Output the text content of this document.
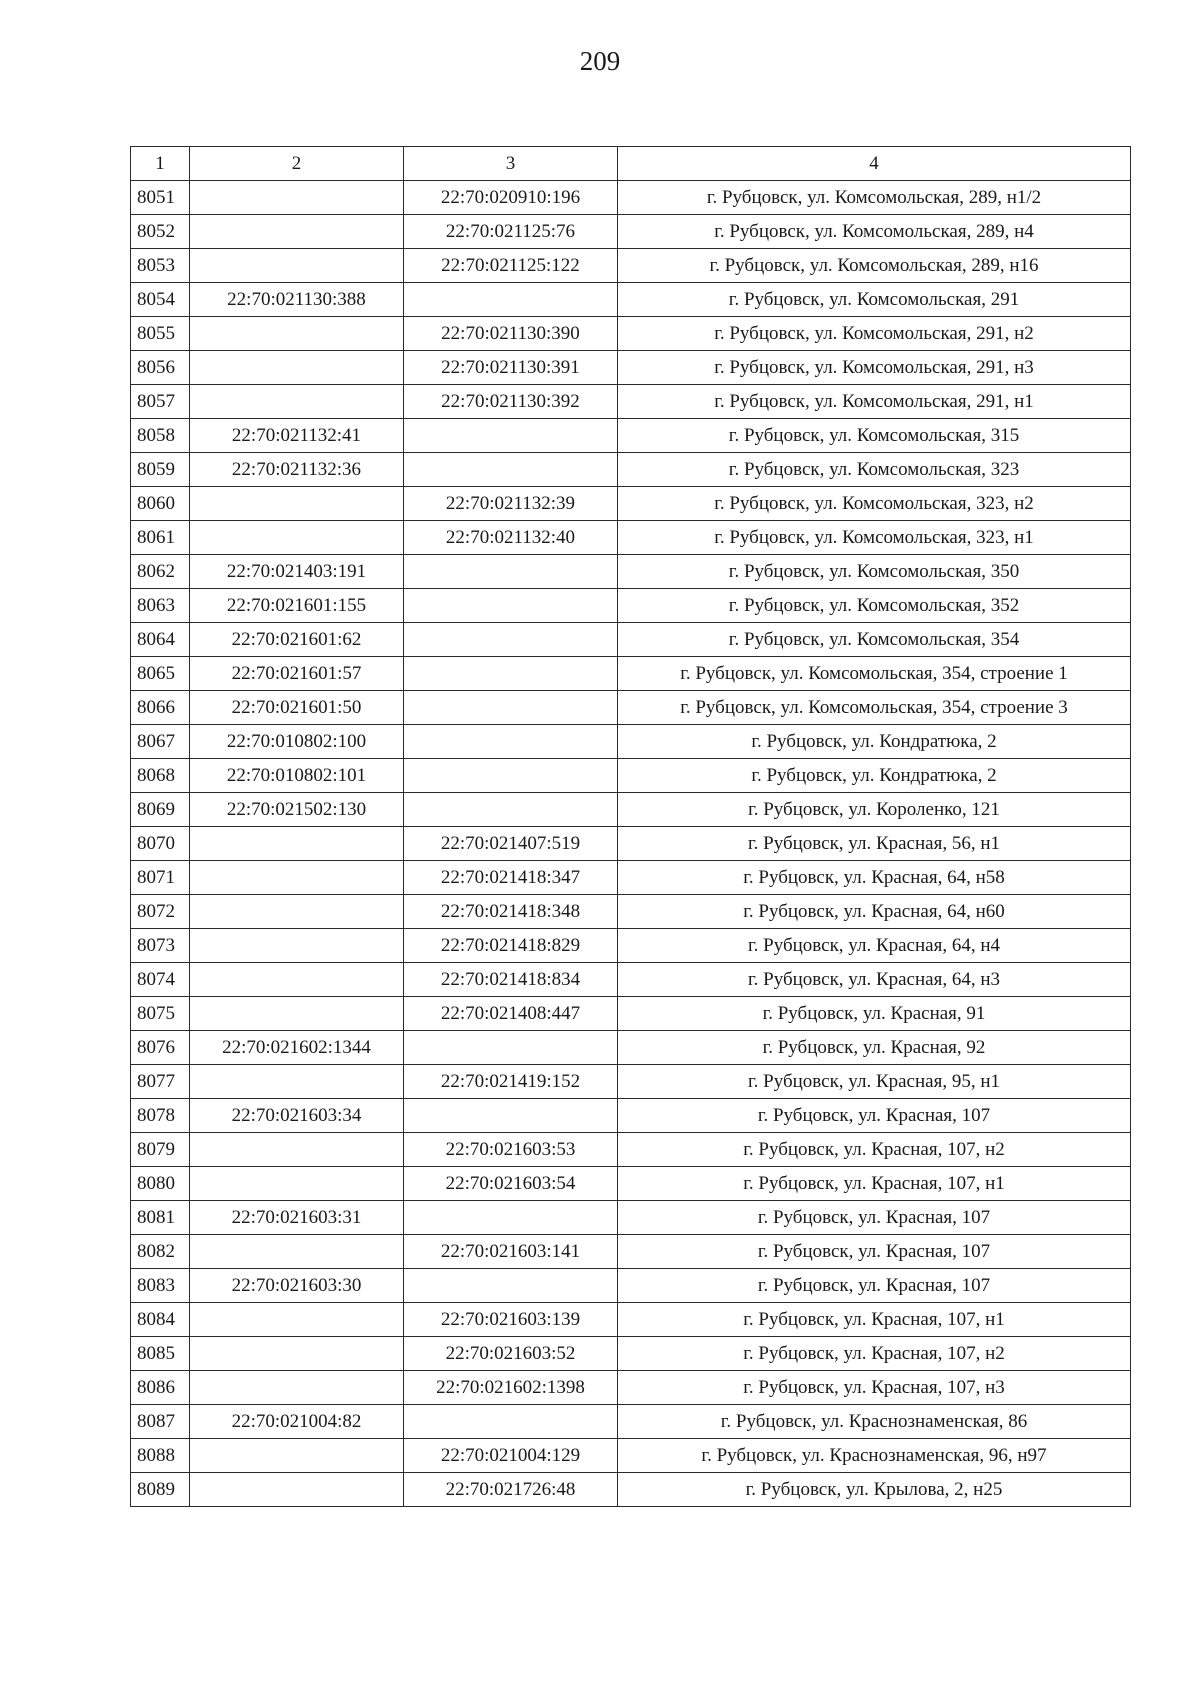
209
1	2	3	4
8051		22:70:020910:196	г. Рубцовск, ул. Комсомольская, 289, н1/2
8052		22:70:021125:76	г. Рубцовск, ул. Комсомольская, 289, н4
8053		22:70:021125:122	г. Рубцовск, ул. Комсомольская, 289, н16
8054	22:70:021130:388		г. Рубцовск, ул. Комсомольская, 291
8055		22:70:021130:390	г. Рубцовск, ул. Комсомольская, 291, н2
8056		22:70:021130:391	г. Рубцовск, ул. Комсомольская, 291, н3
8057		22:70:021130:392	г. Рубцовск, ул. Комсомольская, 291, н1
8058	22:70:021132:41		г. Рубцовск, ул. Комсомольская, 315
8059	22:70:021132:36		г. Рубцовск, ул. Комсомольская, 323
8060		22:70:021132:39	г. Рубцовск, ул. Комсомольская, 323, н2
8061		22:70:021132:40	г. Рубцовск, ул. Комсомольская, 323, н1
8062	22:70:021403:191		г. Рубцовск, ул. Комсомольская, 350
8063	22:70:021601:155		г. Рубцовск, ул. Комсомольская, 352
8064	22:70:021601:62		г. Рубцовск, ул. Комсомольская, 354
8065	22:70:021601:57		г. Рубцовск, ул. Комсомольская, 354, строение 1
8066	22:70:021601:50		г. Рубцовск, ул. Комсомольская, 354, строение 3
8067	22:70:010802:100		г. Рубцовск, ул. Кондратюка, 2
8068	22:70:010802:101		г. Рубцовск, ул. Кондратюка, 2
8069	22:70:021502:130		г. Рубцовск, ул. Короленко, 121
8070		22:70:021407:519	г. Рубцовск, ул. Красная, 56, н1
8071		22:70:021418:347	г. Рубцовск, ул. Красная, 64, н58
8072		22:70:021418:348	г. Рубцовск, ул. Красная, 64, н60
8073		22:70:021418:829	г. Рубцовск, ул. Красная, 64, н4
8074		22:70:021418:834	г. Рубцовск, ул. Красная, 64, н3
8075		22:70:021408:447	г. Рубцовск, ул. Красная, 91
8076	22:70:021602:1344		г. Рубцовск, ул. Красная, 92
8077		22:70:021419:152	г. Рубцовск, ул. Красная, 95, н1
8078	22:70:021603:34		г. Рубцовск, ул. Красная, 107
8079		22:70:021603:53	г. Рубцовск, ул. Красная, 107, н2
8080		22:70:021603:54	г. Рубцовск, ул. Красная, 107, н1
8081	22:70:021603:31		г. Рубцовск, ул. Красная, 107
8082		22:70:021603:141	г. Рубцовск, ул. Красная, 107
8083	22:70:021603:30		г. Рубцовск, ул. Красная, 107
8084		22:70:021603:139	г. Рубцовск, ул. Красная, 107, н1
8085		22:70:021603:52	г. Рубцовск, ул. Красная, 107, н2
8086		22:70:021602:1398	г. Рубцовск, ул. Красная, 107, н3
8087	22:70:021004:82		г. Рубцовск, ул. Краснознаменская, 86
8088		22:70:021004:129	г. Рубцовск, ул. Краснознаменская, 96, н97
8089		22:70:021726:48	г. Рубцовск, ул. Крылова, 2, н25
